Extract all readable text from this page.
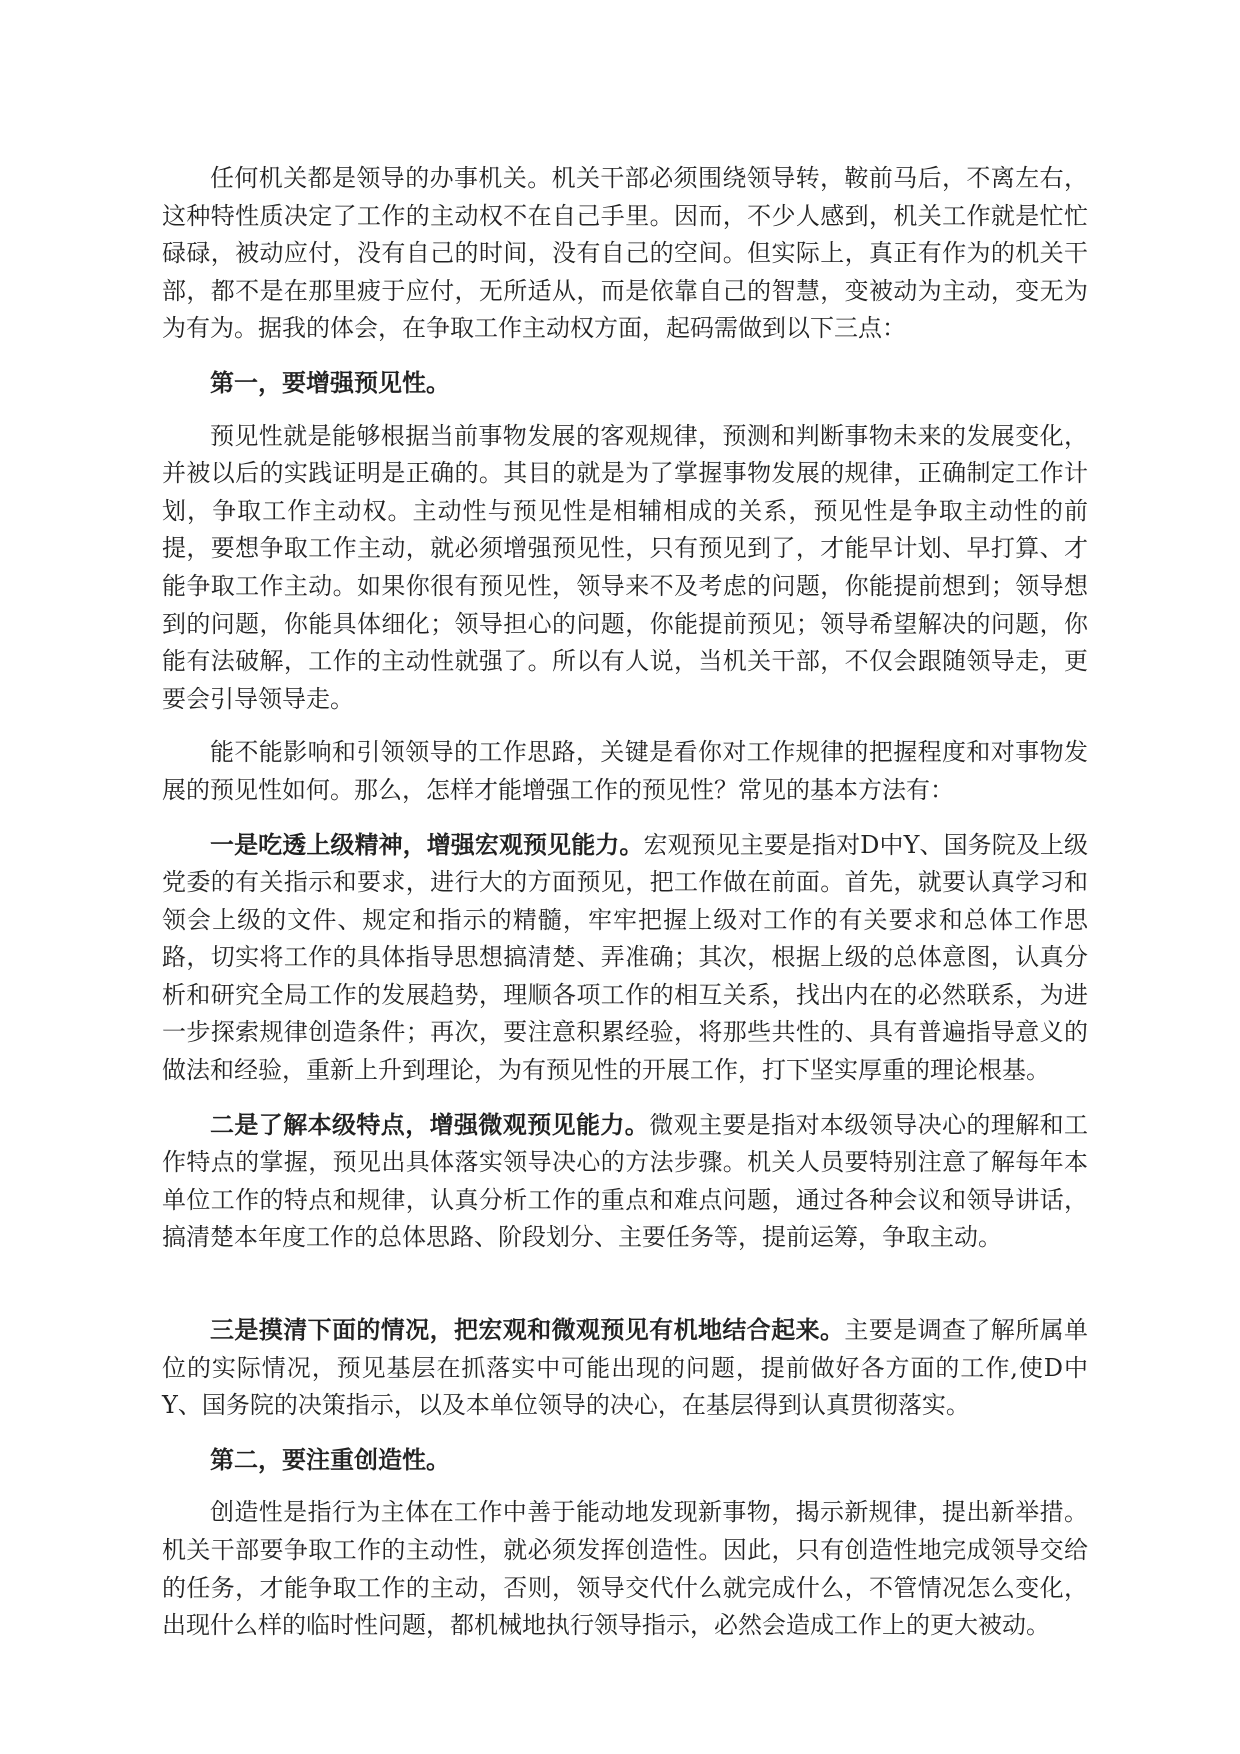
任何机关都是领导的办事机关。机关干部必须围绕领导转，鞍前马后，不离左右，这种特性质决定了工作的主动权不在自己手里。因而，不少人感到，机关工作就是忙忙碌碌，被动应付，没有自己的时间，没有自己的空间。但实际上，真正有作为的机关干部，都不是在那里疲于应付，无所适从，而是依靠自己的智慧，变被动为主动，变无为为有为。据我的体会，在争取工作主动权方面，起码需做到以下三点：

第一，要增强预见性。

预见性就是能够根据当前事物发展的客观规律，预测和判断事物未来的发展变化，并被以后的实践证明是正确的。其目的就是为了掌握事物发展的规律，正确制定工作计划，争取工作主动权。主动性与预见性是相辅相成的关系，预见性是争取主动性的前提，要想争取工作主动，就必须增强预见性，只有预见到了，才能早计划、早打算、才能争取工作主动。如果你很有预见性，领导来不及考虑的问题，你能提前想到；领导想到的问题，你能具体细化；领导担心的问题，你能提前预见；领导希望解决的问题，你能有法破解，工作的主动性就强了。所以有人说，当机关干部，不仅会跟随领导走，更要会引导领导走。

能不能影响和引领领导的工作思路，关键是看你对工作规律的把握程度和对事物发展的预见性如何。那么，怎样才能增强工作的预见性？常见的基本方法有：

一是吃透上级精神，增强宏观预见能力。宏观预见主要是指对D中Y、国务院及上级党委的有关指示和要求，进行大的方面预见，把工作做在前面。首先，就要认真学习和领会上级的文件、规定和指示的精髓，牢牢把握上级对工作的有关要求和总体工作思路，切实将工作的具体指导思想搞清楚、弄准确；其次，根据上级的总体意图，认真分析和研究全局工作的发展趋势，理顺各项工作的相互关系，找出内在的必然联系，为进一步探索规律创造条件；再次，要注意积累经验，将那些共性的、具有普遍指导意义的做法和经验，重新上升到理论，为有预见性的开展工作，打下坚实厚重的理论根基。

二是了解本级特点，增强微观预见能力。微观主要是指对本级领导决心的理解和工作特点的掌握，预见出具体落实领导决心的方法步骤。机关人员要特别注意了解每年本单位工作的特点和规律，认真分析工作的重点和难点问题，通过各种会议和领导讲话，搞清楚本年度工作的总体思路、阶段划分、主要任务等，提前运筹，争取主动。

三是摸清下面的情况，把宏观和微观预见有机地结合起来。主要是调查了解所属单位的实际情况，预见基层在抓落实中可能出现的问题，提前做好各方面的工作,使D中Y、国务院的决策指示，以及本单位领导的决心，在基层得到认真贯彻落实。

第二，要注重创造性。

创造性是指行为主体在工作中善于能动地发现新事物，揭示新规律，提出新举措。机关干部要争取工作的主动性，就必须发挥创造性。因此，只有创造性地完成领导交给的任务，才能争取工作的主动，否则，领导交代什么就完成什么，不管情况怎么变化，出现什么样的临时性问题，都机械地执行领导指示，必然会造成工作上的更大被动。
